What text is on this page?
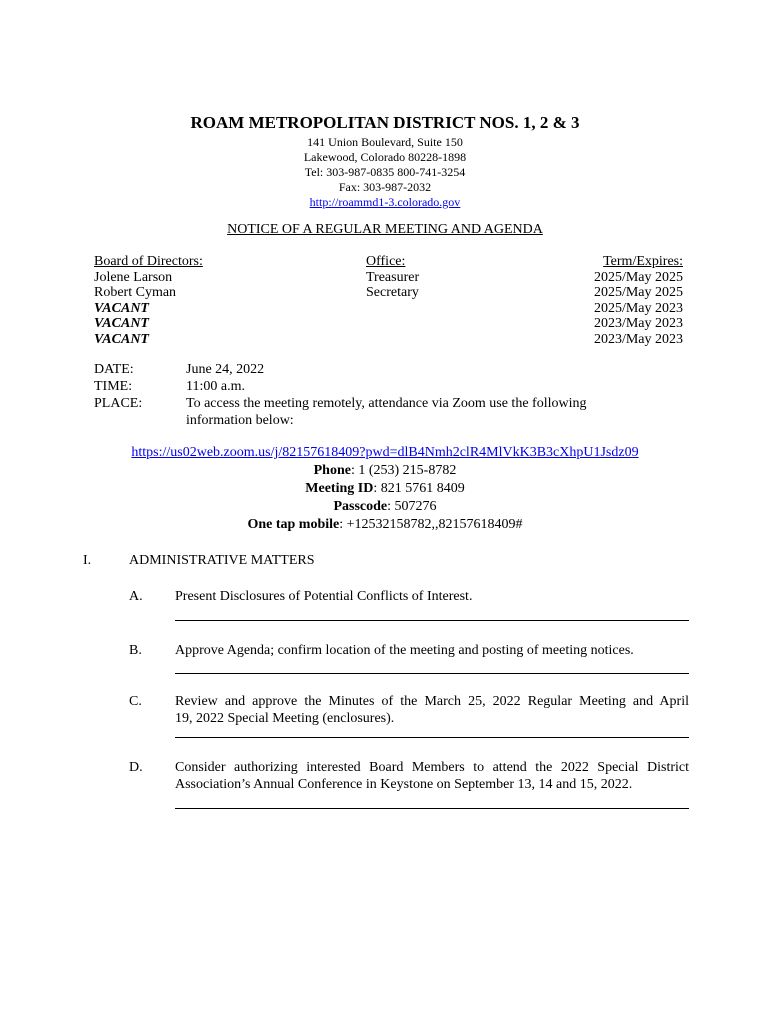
ROAM METROPOLITAN DISTRICT NOS. 1, 2 & 3
141 Union Boulevard, Suite 150
Lakewood, Colorado 80228-1898
Tel: 303-987-0835 800-741-3254
Fax: 303-987-2032
http://roammd1-3.colorado.gov
NOTICE OF A REGULAR MEETING AND AGENDA
Board of Directors:
Jolene Larson
Robert Cyman
VACANT
VACANT
VACANT
Office:
Treasurer
Secretary
Term/Expires:
2025/May 2025
2025/May 2025
2025/May 2023
2023/May 2023
2023/May 2023
DATE:
TIME:
PLACE:
June 24, 2022
11:00 a.m.
To access the meeting remotely, attendance via Zoom use the following
information below:
https://us02web.zoom.us/j/82157618409?pwd=dlB4Nmh2clR4MlVkK3B3cXhpU1Jsdz09
Phone: 1 (253) 215-8782
Meeting ID: 821 5761 8409
Passcode: 507276
One tap mobile: +12532158782,,82157618409#
I.	ADMINISTRATIVE MATTERS
A. Present Disclosures of Potential Conflicts of Interest.
B. Approve Agenda; confirm location of the meeting and posting of meeting notices.
C. Review and approve the Minutes of the March 25, 2022 Regular Meeting and April
19, 2022 Special Meeting (enclosures).
D. Consider authorizing interested Board Members to attend the 2022 Special District
Association’s Annual Conference in Keystone on September 13, 14 and 15, 2022.
